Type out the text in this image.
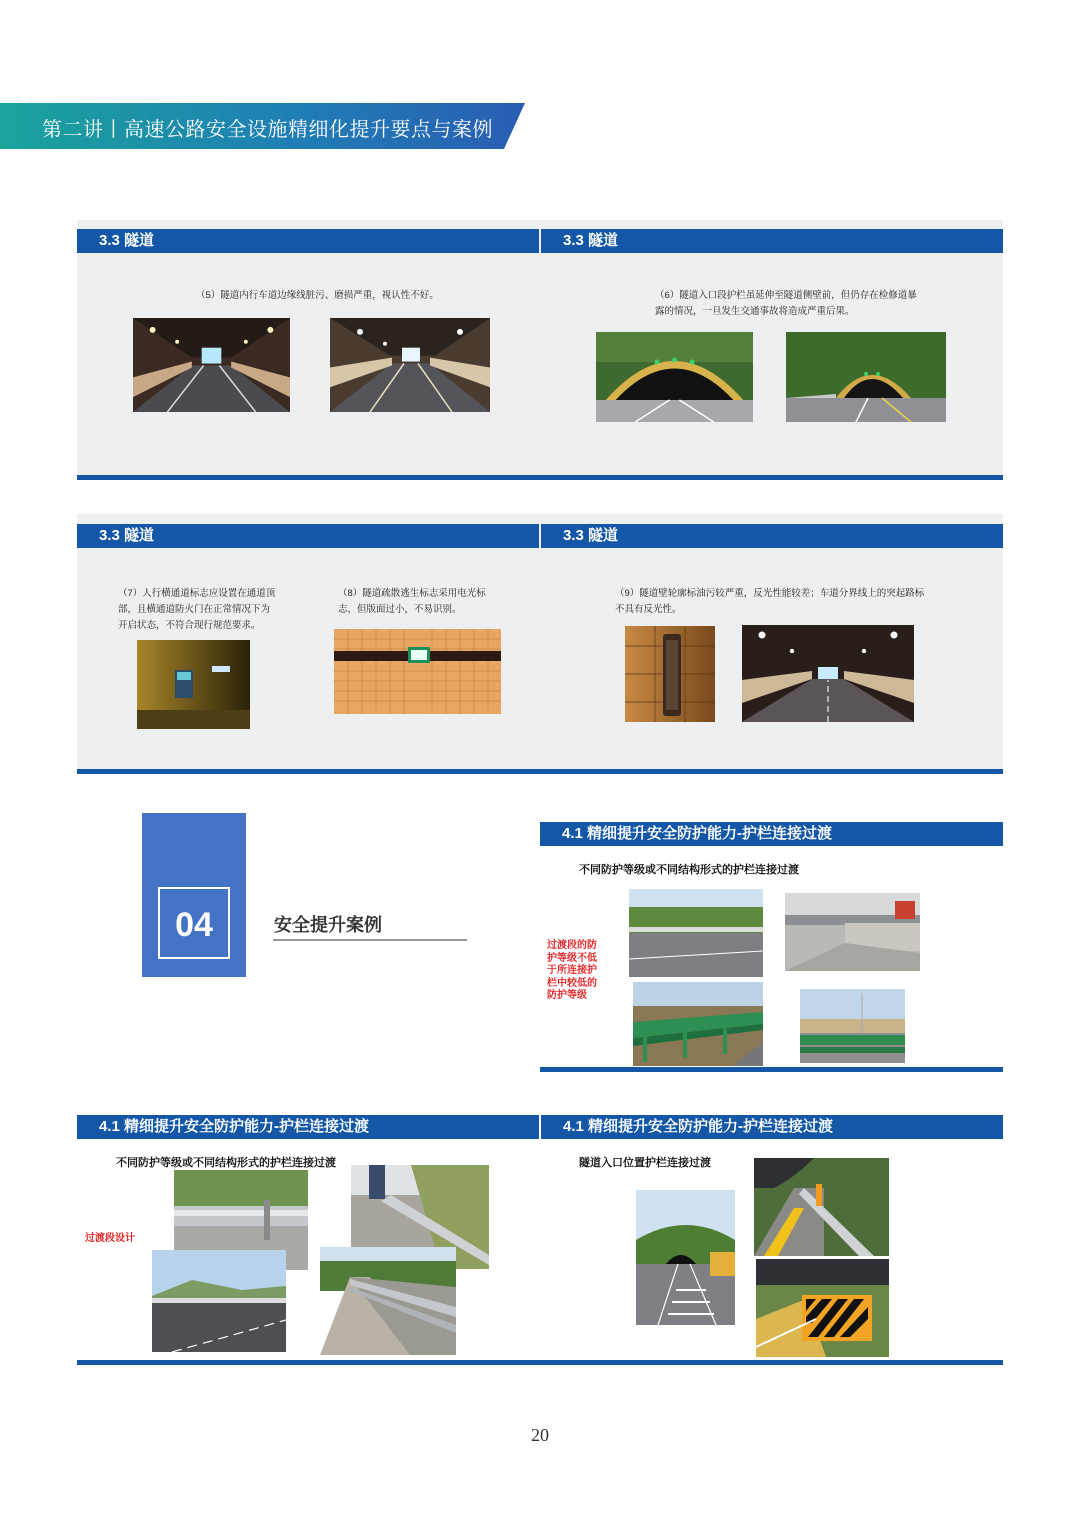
第二讲丨高速公路安全设施精细化提升要点与案例
3.3 隧道	3.3 隧道
（5）隧道内行车道边缘线脏污、磨损严重，视认性不好。	（6）隧道入口段护栏虽延伸至隧道侧壁前，但仍存在检修道暴露的情况，一旦发生交通事故将造成严重后果。
3.3 隧道	3.3 隧道
（7）人行横通道标志应设置在通道顶部，且横通道防火门在正常情况下为开启状态，不符合现行规范要求。
（8）隧道疏散逃生标志采用电光标志，但版面过小，不易识别。
（9）隧道壁轮廓标油污较严重，反光性能较差；车道分界线上的突起路标不具有反光性。
04	安全提升案例
4.1 精细提升安全防护能力-护栏连接过渡
不同防护等级或不同结构形式的护栏连接过渡
过渡段的防护等级不低于所连接护栏中较低的防护等级
4.1 精细提升安全防护能力-护栏连接过渡	4.1 精细提升安全防护能力-护栏连接过渡
不同防护等级或不同结构形式的护栏连接过渡	隧道入口位置护栏连接过渡
过渡段设计
20
